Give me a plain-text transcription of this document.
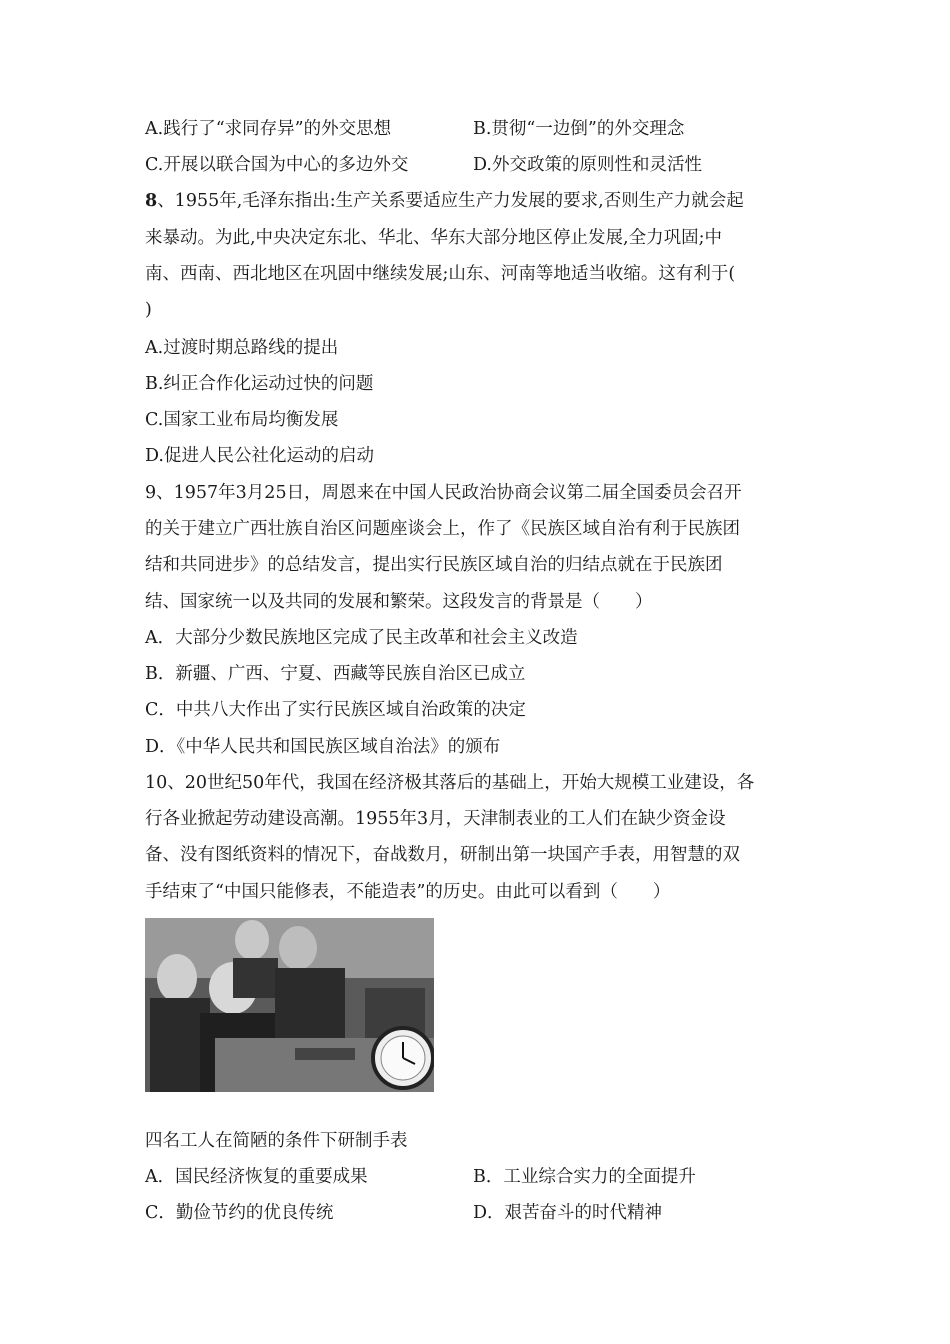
A.践行了“求同存异”的外交思想	B.贯彻“一边倒”的外交理念
C.开展以联合国为中心的多边外交	D.外交政策的原则性和灵活性
8、1955年,毛泽东指出:生产关系要适应生产力发展的要求,否则生产力就会起
来暴动。为此,中央决定东北、华北、华东大部分地区停止发展,全力巩固;中
南、西南、西北地区在巩固中继续发展;山东、河南等地适当收缩。这有利于(
)
A.过渡时期总路线的提出
B.纠正合作化运动过快的问题
C.国家工业布局均衡发展
D.促进人民公社化运动的启动
9、1957年3月25日，周恩来在中国人民政治协商会议第二届全国委员会召开
的关于建立广西壮族自治区问题座谈会上，作了《民族区域自治有利于民族团
结和共同进步》的总结发言，提出实行民族区域自治的归结点就在于民族团
结、国家统一以及共同的发展和繁荣。这段发言的背景是（　　）
A．大部分少数民族地区完成了民主改革和社会主义改造
B．新疆、广西、宁夏、西藏等民族自治区已成立
C．中共八大作出了实行民族区域自治政策的决定
D．《中华人民共和国民族区域自治法》的颁布
10、20世纪50年代，我国在经济极其落后的基础上，开始大规模工业建设，各
行各业掀起劳动建设高潮。1955年3月，天津制表业的工人们在缺少资金设
备、没有图纸资料的情况下，奋战数月，研制出第一块国产手表，用智慧的双
手结束了“中国只能修表，不能造表”的历史。由此可以看到（　　）
四名工人在简陋的条件下研制手表
A．国民经济恢复的重要成果	B．工业综合实力的全面提升
C．勤俭节约的优良传统	D．艰苦奋斗的时代精神
